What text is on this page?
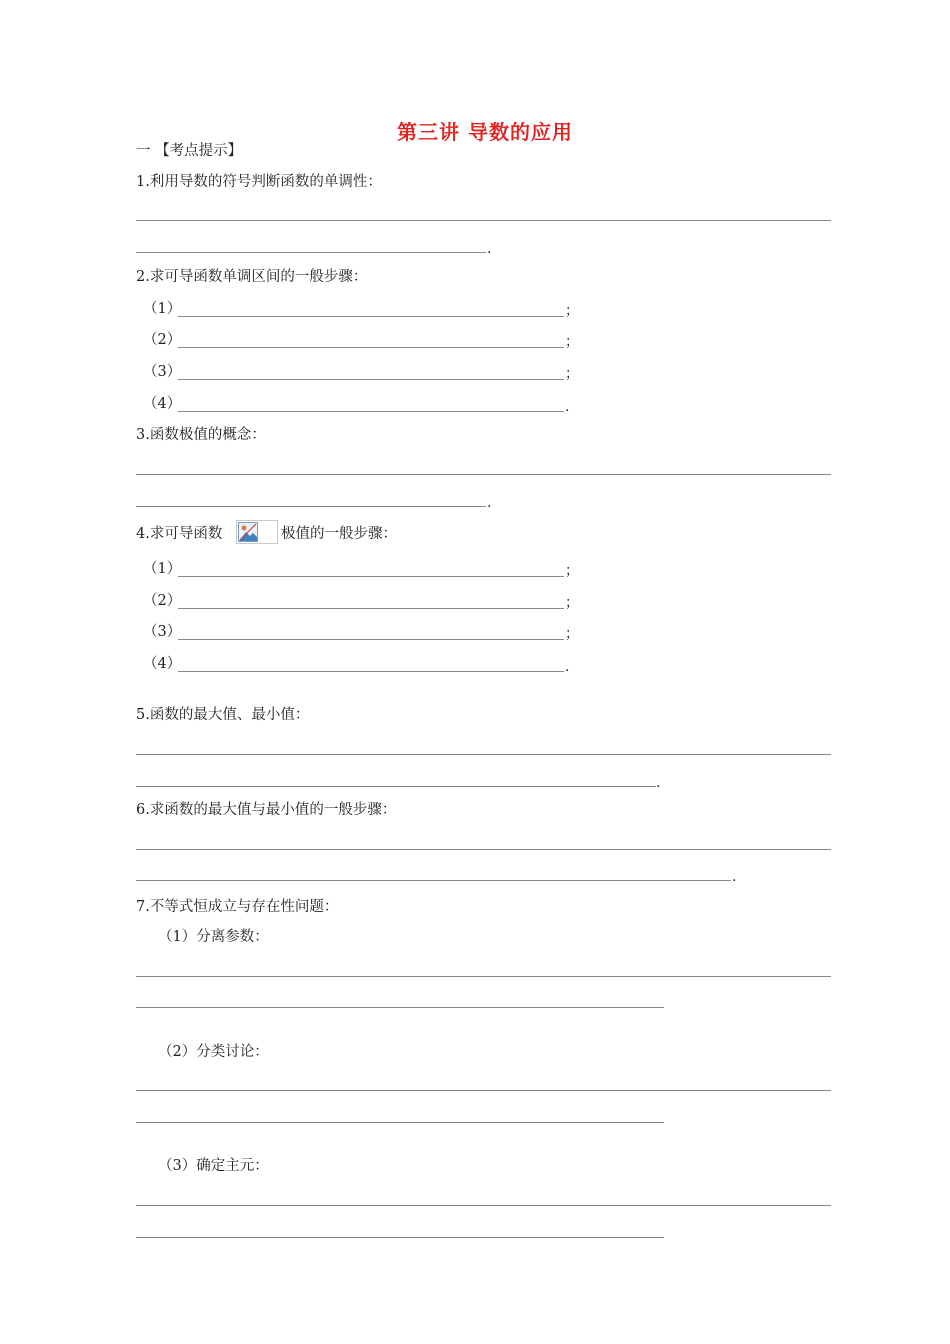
第三讲 导数的应用
一 【考点提示】
1.利用导数的符号判断函数的单调性：
.
2.求可导函数单调区间的一般步骤：
（1）	；
（2）	；
（3）	；
（4）	.
3.函数极值的概念：
.
4.求可导函数	极值的一般步骤：
（1）	；
（2）	；
（3）	；
（4）	.
5.函数的最大值、最小值：
.
6.求函数的最大值与最小值的一般步骤：
.
7.不等式恒成立与存在性问题：
（1）分离参数：
（2）分类讨论：
（3）确定主元：
